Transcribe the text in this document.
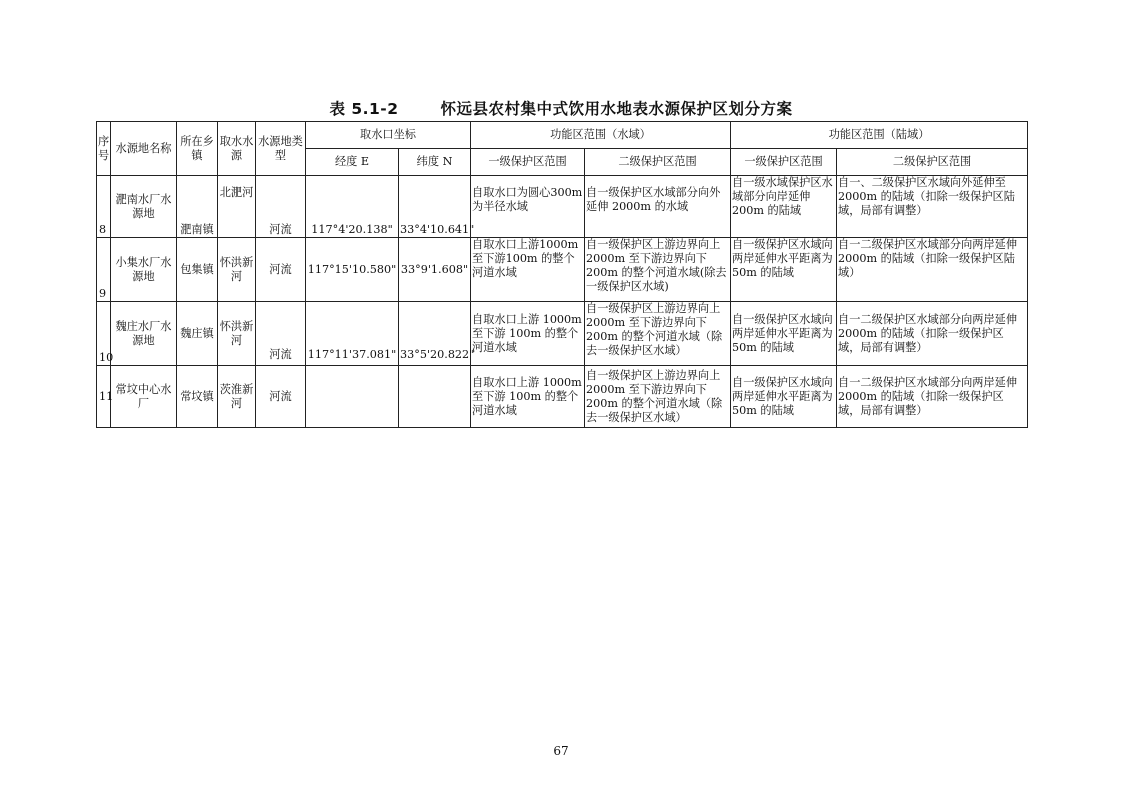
表 5.1-2	怀远县农村集中式饮用水地表水源保护区划分方案
序号	水源地名称	所在乡镇	取水水源	水源地类型	取水口坐标		功能区范围（水域）		功能区范围（陆域）	
					经度 E	纬度 N	一级保护区范围	二级保护区范围	一级保护区范围	二级保护区范围
8	淝南水厂水源地	淝南镇	北淝河	河流	117°4'20.138"	33°4'10.641"	自取水口为圆心300m 为半径水域	自一级保护区水域部分向外延伸 2000m 的水域	自一级水域保护区水域部分向岸延伸 200m 的陆域	自一、二级保护区水域向外延伸至2000m 的陆域（扣除一级保护区陆域，局部有调整）
9	小集水厂水源地	包集镇	怀洪新河	河流	117°15'10.580"	33°9'1.608"	自取水口上游1000m 至下游100m 的整个河道水域	自一级保护区上游边界向上2000m 至下游边界向下200m 的整个河道水域(除去一级保护区水域)	自一级保护区水域向两岸延伸水平距离为 50m 的陆域	自一二级保护区水域部分向两岸延伸 2000m 的陆域（扣除一级保护区陆域）
10	魏庄水厂水源地	魏庄镇	怀洪新河	河流	117°11'37.081"	33°5'20.822"	自取水口上游 1000m 至下游 100m 的整个河道水域	自一级保护区上游边界向上2000m 至下游边界向下 200m 的整个河道水域（除去一级保护区水域）	自一级保护区水域向两岸延伸水平距离为 50m 的陆域	自一二级保护区水域部分向两岸延伸 2000m 的陆域（扣除一级保护区域，局部有调整）
11	常坟中心水厂	常坟镇	茨淮新河	河流			自取水口上游 1000m 至下游 100m 的整个河道水域	自一级保护区上游边界向上2000m 至下游边界向下 200m 的整个河道水域（除去一级保护区水域）	自一级保护区水域向两岸延伸水平距离为 50m 的陆域	自一二级保护区水域部分向两岸延伸 2000m 的陆域（扣除一级保护区域，局部有调整）
67
